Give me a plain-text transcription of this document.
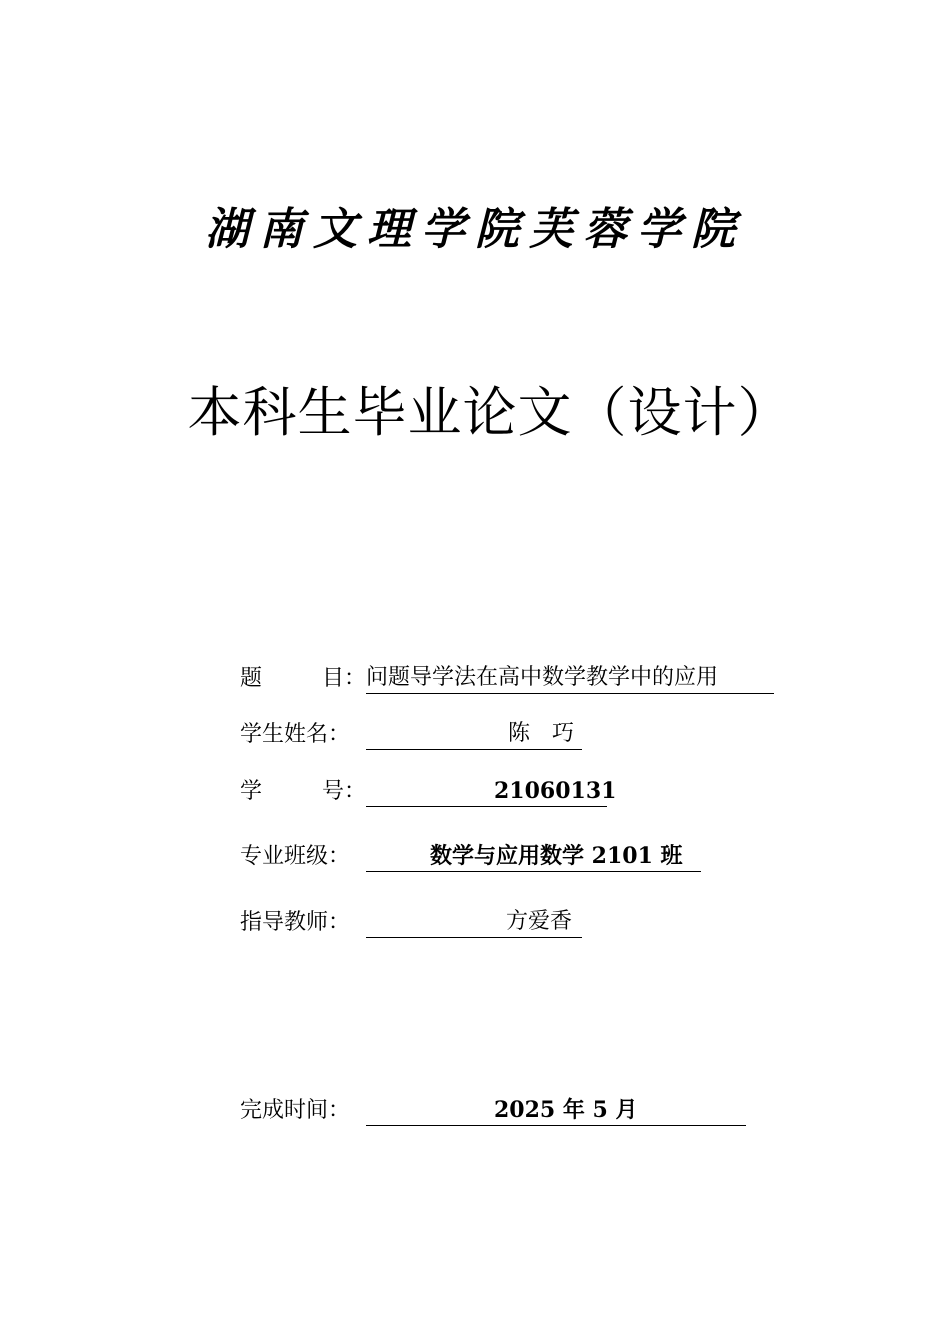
湖南文理学院芙蓉学院
本科生毕业论文（设计）
题	目： 问题导学法在高中数学教学中的应用
学生姓名：	陈　巧
学	号：	21060131
专业班级：	数学与应用数学 2101 班
指导教师：	方爱香
完成时间：	2025 年 5 月
